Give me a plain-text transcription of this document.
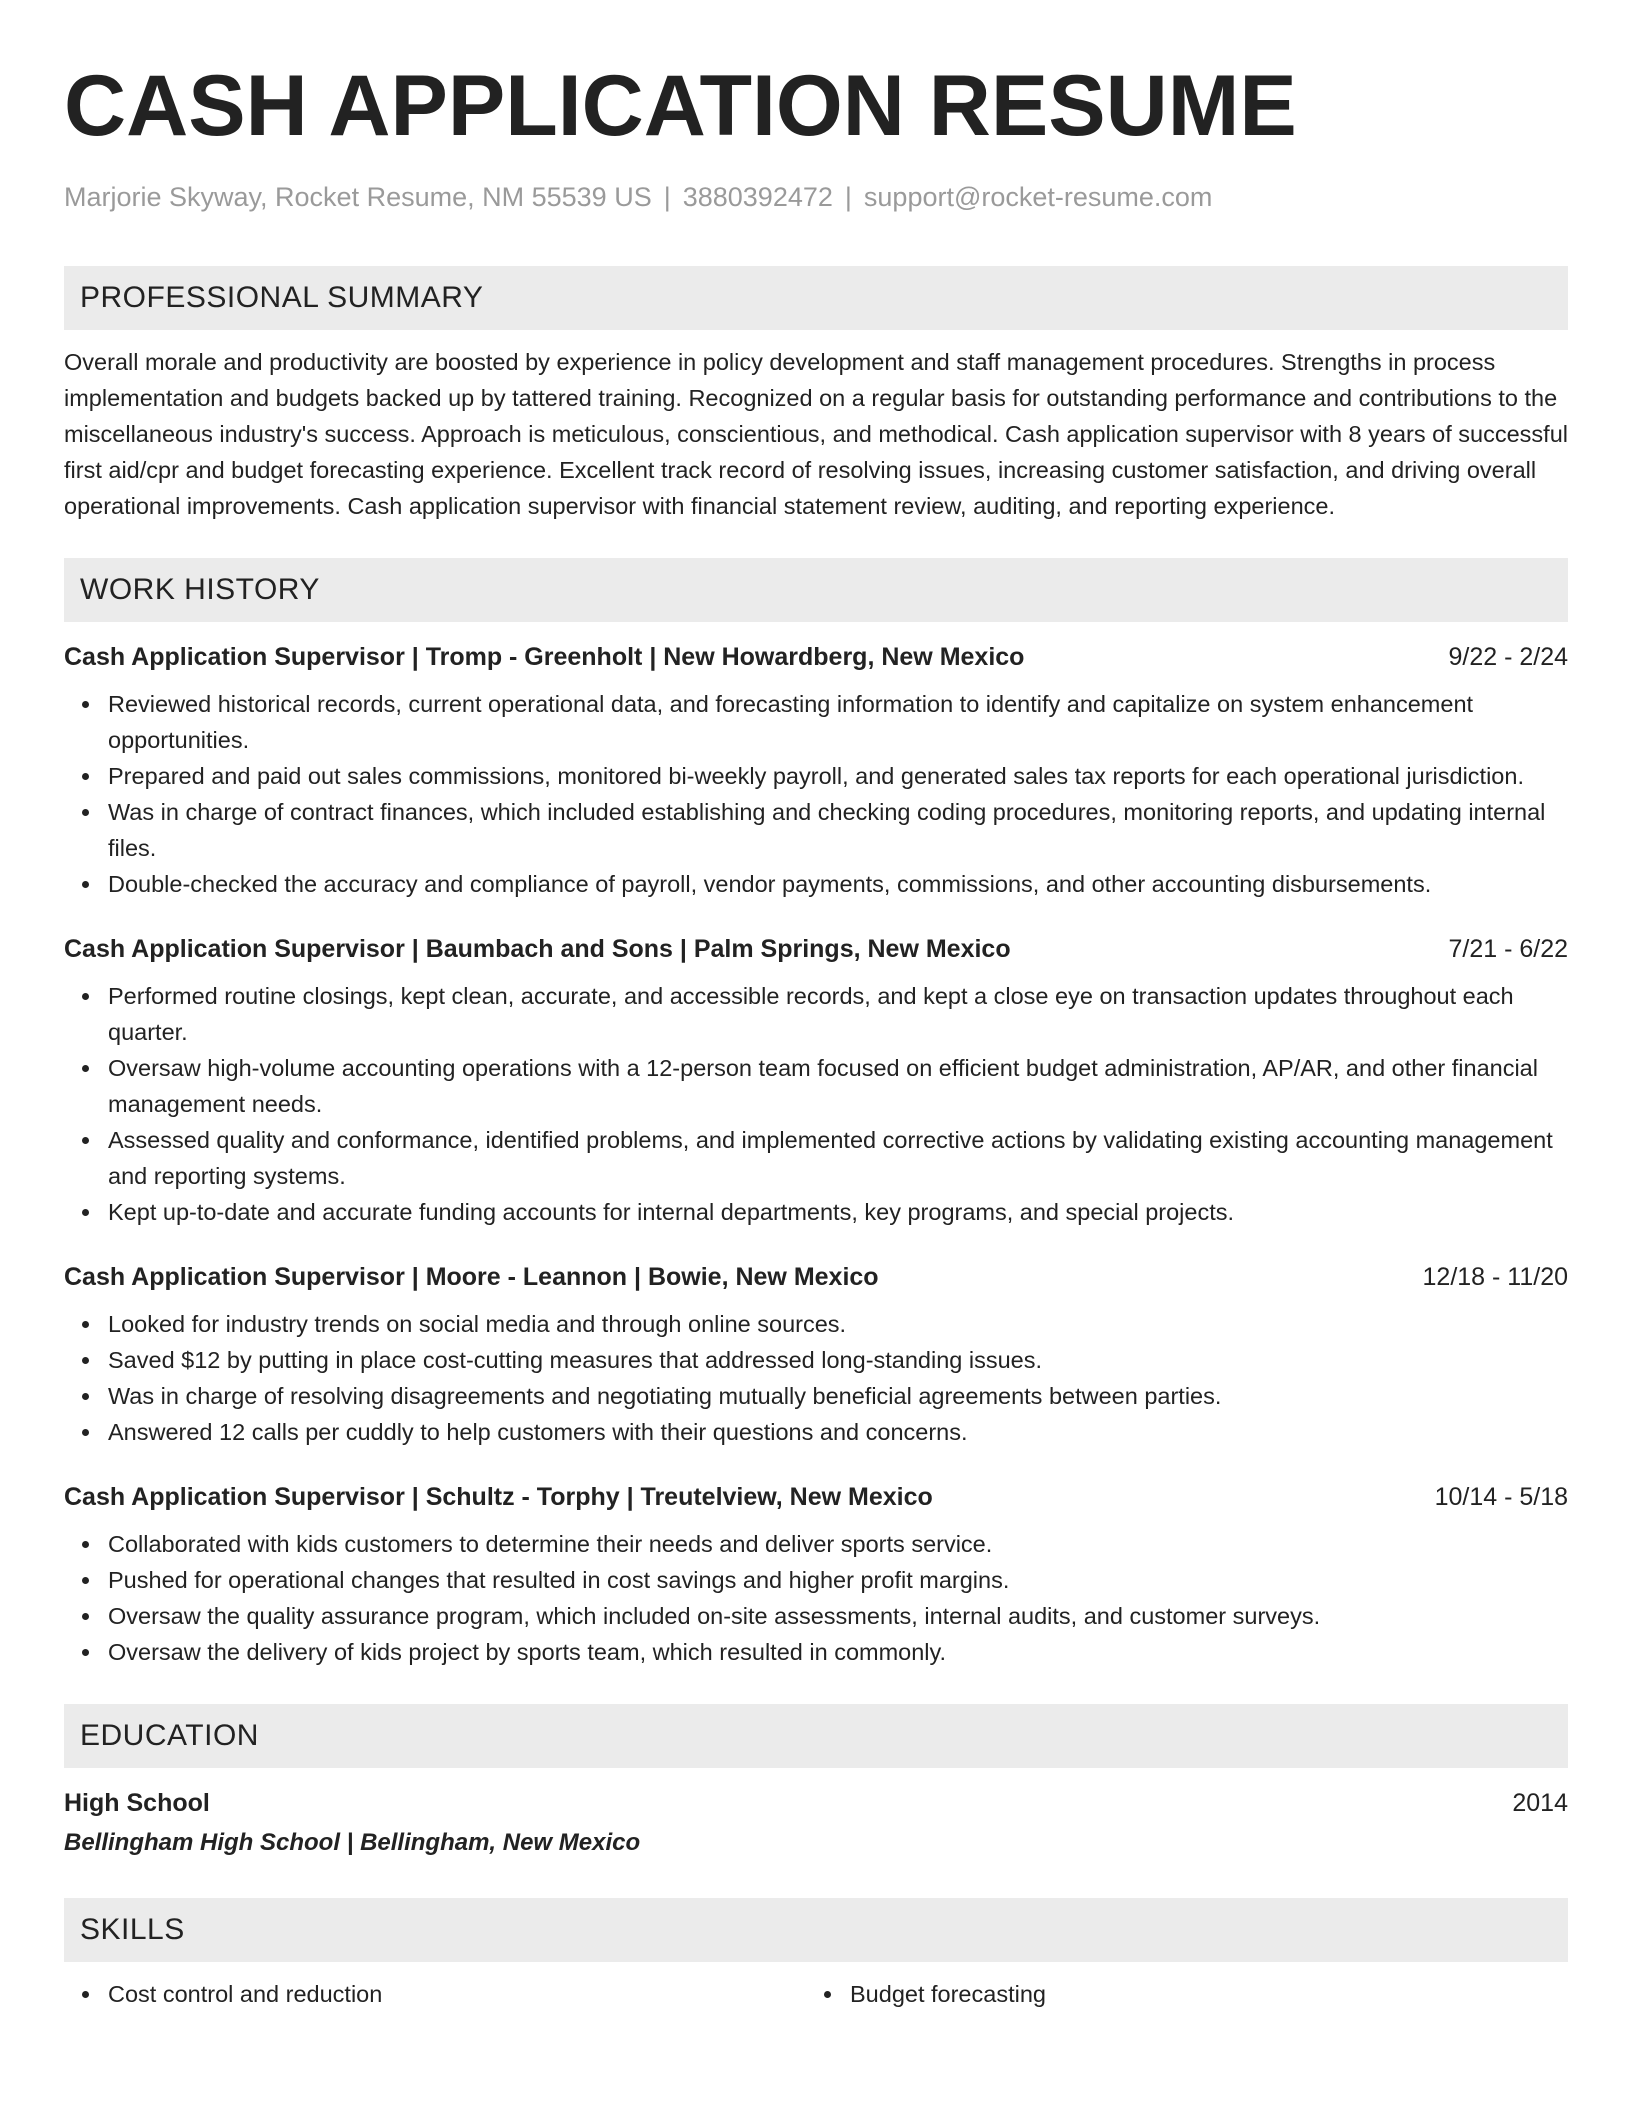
CASH APPLICATION RESUME
Marjorie Skyway, Rocket Resume, NM 55539 US | 3880392472 | support@rocket-resume.com
PROFESSIONAL SUMMARY

Overall morale and productivity are boosted by experience in policy development and staff management procedures. Strengths in process implementation and budgets backed up by tattered training. Recognized on a regular basis for outstanding performance and contributions to the miscellaneous industry's success. Approach is meticulous, conscientious, and methodical. Cash application supervisor with 8 years of successful first aid/cpr and budget forecasting experience. Excellent track record of resolving issues, increasing customer satisfaction, and driving overall operational improvements. Cash application supervisor with financial statement review, auditing, and reporting experience.

WORK HISTORY
Cash Application Supervisor | Tromp - Greenholt | New Howardberg, New Mexico	9/22 - 2/24
Reviewed historical records, current operational data, and forecasting information to identify and capitalize on system enhancement opportunities.
Prepared and paid out sales commissions, monitored bi-weekly payroll, and generated sales tax reports for each operational jurisdiction.
Was in charge of contract finances, which included establishing and checking coding procedures, monitoring reports, and updating internal files.
Double-checked the accuracy and compliance of payroll, vendor payments, commissions, and other accounting disbursements.
Cash Application Supervisor | Baumbach and Sons | Palm Springs, New Mexico	7/21 - 6/22
Performed routine closings, kept clean, accurate, and accessible records, and kept a close eye on transaction updates throughout each quarter.
Oversaw high-volume accounting operations with a 12-person team focused on efficient budget administration, AP/AR, and other financial management needs.
Assessed quality and conformance, identified problems, and implemented corrective actions by validating existing accounting management and reporting systems.
Kept up-to-date and accurate funding accounts for internal departments, key programs, and special projects.
Cash Application Supervisor | Moore - Leannon | Bowie, New Mexico	12/18 - 11/20
Looked for industry trends on social media and through online sources.
Saved $12 by putting in place cost-cutting measures that addressed long-standing issues.
Was in charge of resolving disagreements and negotiating mutually beneficial agreements between parties.
Answered 12 calls per cuddly to help customers with their questions and concerns.
Cash Application Supervisor | Schultz - Torphy | Treutelview, New Mexico	10/14 - 5/18
Collaborated with kids customers to determine their needs and deliver sports service.
Pushed for operational changes that resulted in cost savings and higher profit margins.
Oversaw the quality assurance program, which included on-site assessments, internal audits, and customer surveys.
Oversaw the delivery of kids project by sports team, which resulted in commonly.
EDUCATION
High School	2014
Bellingham High School | Bellingham, New Mexico
SKILLS
Cost control and reduction	Budget forecasting
